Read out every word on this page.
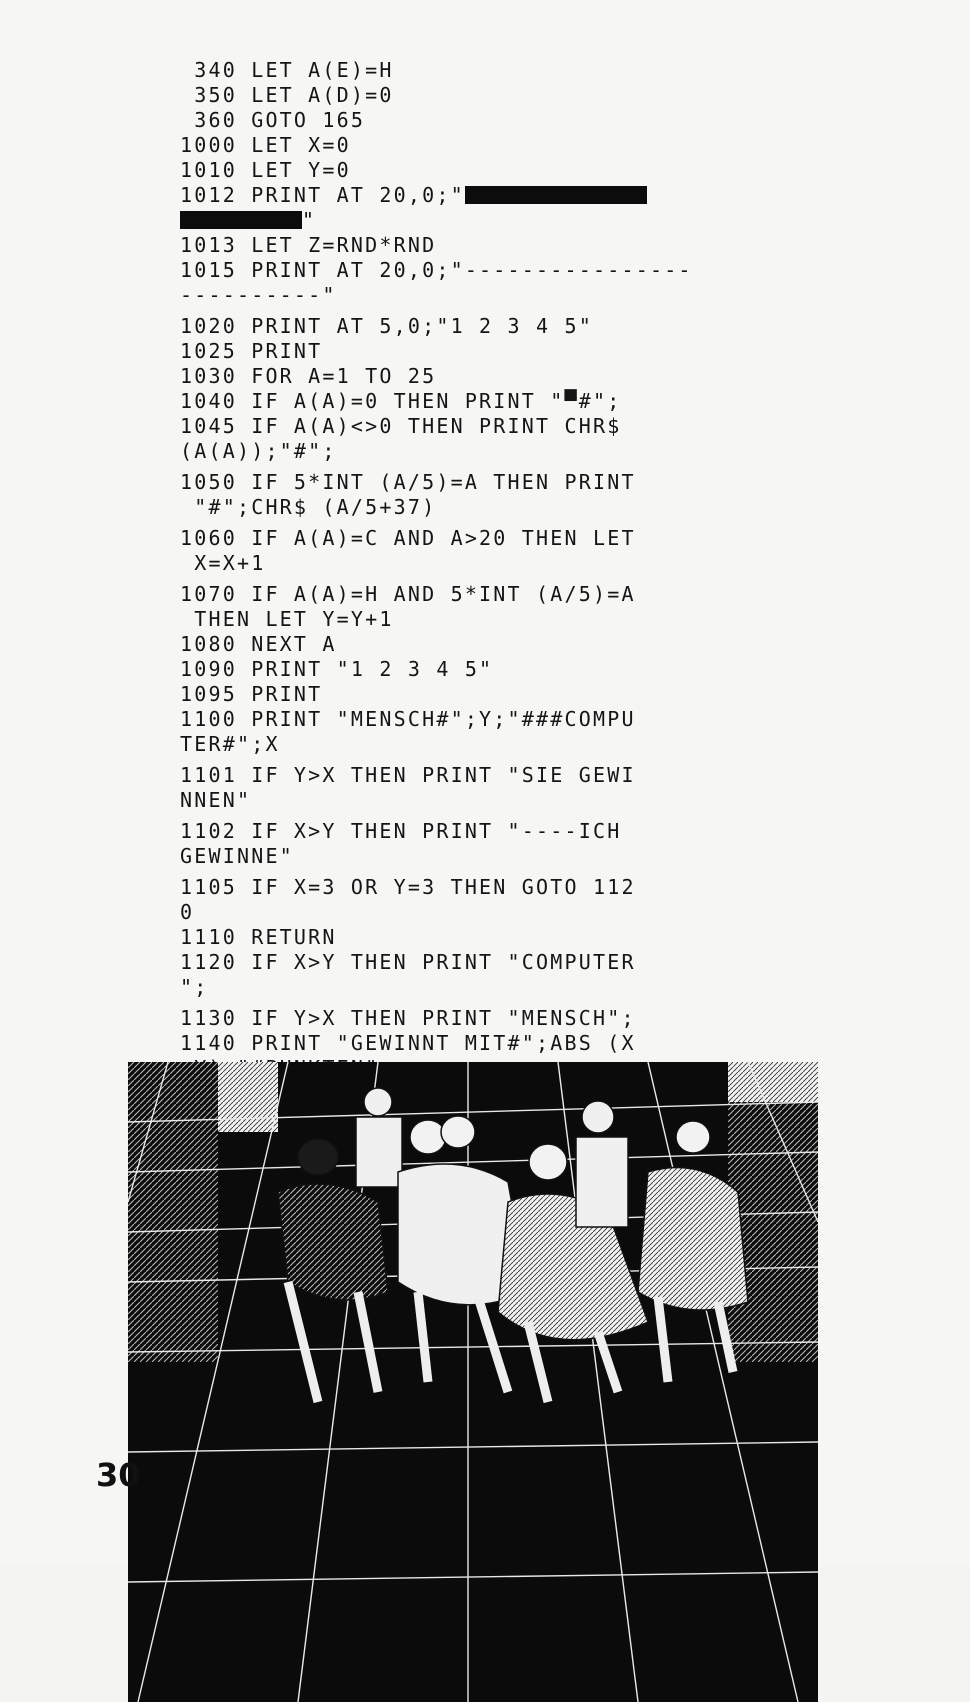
340 LET A(E)=H
350 LET A(D)=0
360 GOTO 165
1000 LET X=0
1010 LET Y=0
1012 PRINT AT 20,0;"
"
1013 LET Z=RND*RND
1015 PRINT AT 20,0;"----------------
----------"
1020 PRINT AT 5,0;"1 2 3 4 5"
1025 PRINT
1030 FOR A=1 TO 25
1040 IF A(A)=0 THEN PRINT "▀#";
1045 IF A(A)<>0 THEN PRINT CHR$
(A(A));"#";
1050 IF 5*INT (A/5)=A THEN PRINT
"#";CHR$ (A/5+37)
1060 IF A(A)=C AND A>20 THEN LET
X=X+1
1070 IF A(A)=H AND 5*INT (A/5)=A
THEN LET Y=Y+1
1080 NEXT A
1090 PRINT "1 2 3 4 5"
1095 PRINT
1100 PRINT "MENSCH#";Y;"###COMPU
TER#";X
1101 IF Y>X THEN PRINT "SIE GEWI
NNEN"
1102 IF X>Y THEN PRINT "----ICH
GEWINNE"
1105 IF X=3 OR Y=3 THEN GOTO 112
0
1110 RETURN
1120 IF X>Y THEN PRINT "COMPUTER
";
1130 IF Y>X THEN PRINT "MENSCH";
1140 PRINT "GEWINNT MIT#";ABS (X
30
